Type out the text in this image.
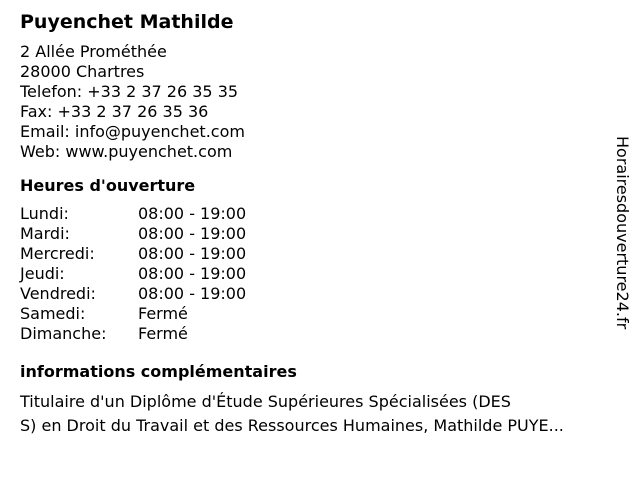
Puyenchet Mathilde
2 Allée Prométhée
28000 Chartres
Telefon: +33 2 37 26 35 35
Fax: +33 2 37 26 35 36
Email: info@puyenchet.com
Web: www.puyenchet.com
Heures d'ouverture
Lundi:	08:00 - 19:00
Mardi:	08:00 - 19:00
Mercredi:	08:00 - 19:00
Jeudi:	08:00 - 19:00
Vendredi:	08:00 - 19:00
Samedi:	Fermé
Dimanche:	Fermé
informations complémentaires
Titulaire d'un Diplôme d'Étude Supérieures Spécialisées (DES
S) en Droit du Travail et des Ressources Humaines, Mathilde PUYE...
Horairesdouverture24.fr
